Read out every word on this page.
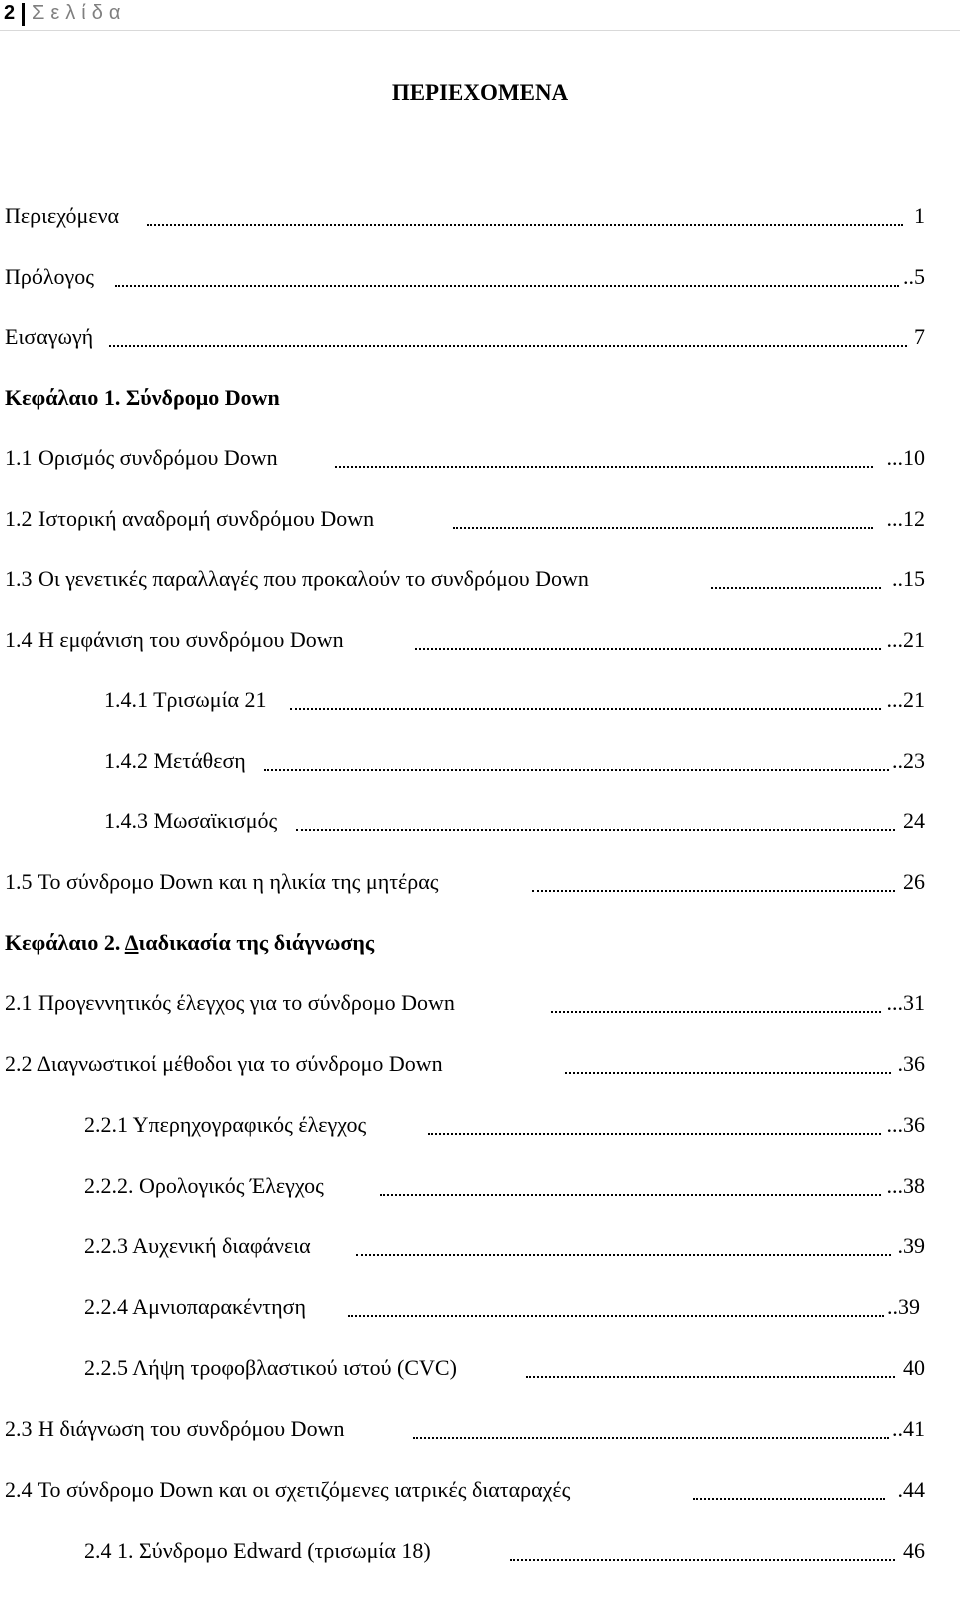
2 Σελίδα
ΠΕΡΙΕΧΟΜΕΝΑ
Περιεχόμενα	1
Πρόλογος	..5
Εισαγωγή	7
Κεφάλαιο 1. Σύνδρομο Down
1.1 Ορισμός συνδρόμου Down	...10
1.2 Ιστορική αναδρομή συνδρόμου Down	...12
1.3 Οι γενετικές παραλλαγές που προκαλούν το συνδρόμου Down	..15
1.4 Η εμφάνιση του συνδρόμου Down	...21
1.4.1 Τρισωμία 21	...21
1.4.2 Μετάθεση	..23
1.4.3 Μωσαϊκισμός	24
1.5 Το σύνδρομο Down και η ηλικία της μητέρας	26
Κεφάλαιο 2. Διαδικασία της διάγνωσης
2.1 Προγεννητικός έλεγχος για το σύνδρομο Down	...31
2.2 Διαγνωστικοί μέθοδοι για το σύνδρομο Down	.36
2.2.1 Υπερηχογραφικός έλεγχος	...36
2.2.2. Ορολογικός Έλεγχος	...38
2.2.3 Αυχενική διαφάνεια	.39
2.2.4 Αμνιοπαρακέντηση	..39
2.2.5 Λήψη τροφοβλαστικού ιστού (CVC)	40
2.3 Η διάγνωση του συνδρόμου Down	..41
2.4 Το σύνδρομο Down και οι σχετιζόμενες ιατρικές διαταραχές	.44
2.4 1. Σύνδρομο Edward (τρισωμία 18)	46
